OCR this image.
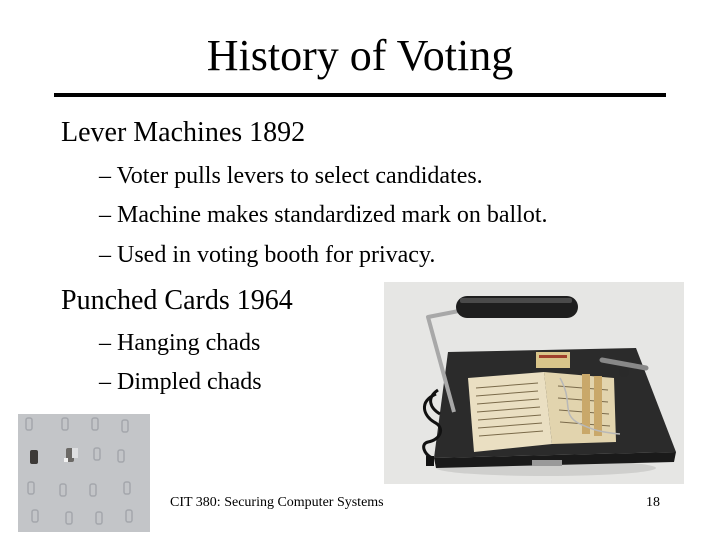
History of Voting
Lever Machines 1892
– Voter pulls levers to select candidates.
– Machine makes standardized mark on ballot.
– Used in voting booth for privacy.
Punched Cards 1964
– Hanging chads
– Dimpled chads
CIT 380: Securing Computer Systems	18
